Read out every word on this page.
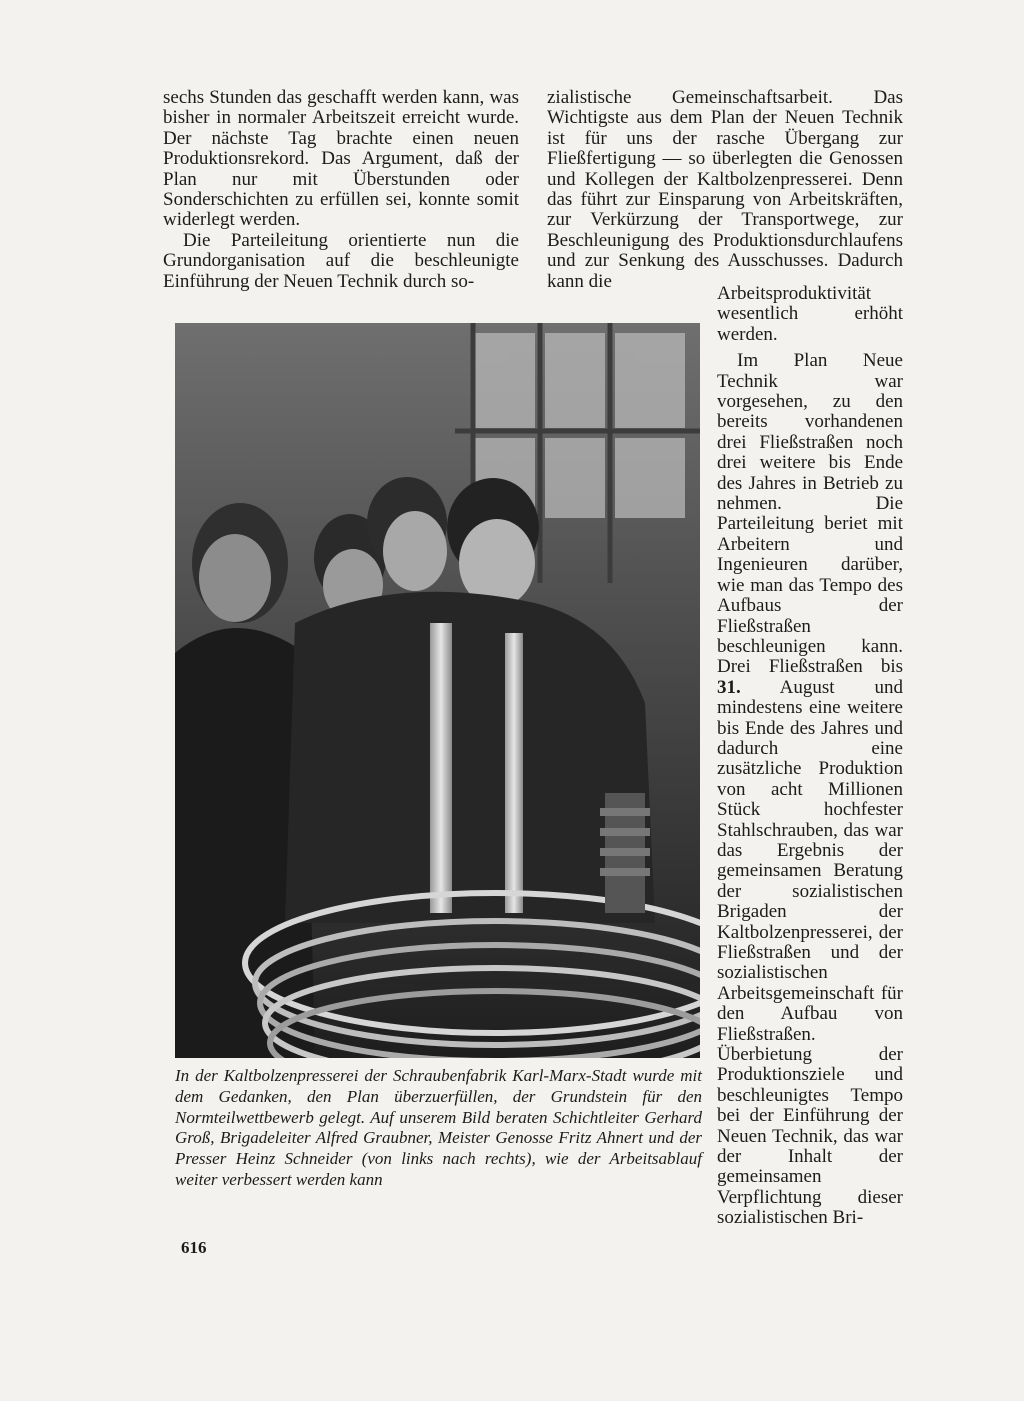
sechs Stunden das geschafft werden kann, was bisher in normaler Arbeitszeit erreicht wurde. Der nächste Tag brachte einen neuen Produktionsrekord. Das Argument, daß der Plan nur mit Überstunden oder Sonderschichten zu erfüllen sei, konnte somit widerlegt werden.

Die Parteileitung orientierte nun die Grundorganisation auf die beschleunigte Einführung der Neuen Technik durch so-

zialistische Gemeinschaftsarbeit. Das Wichtigste aus dem Plan der Neuen Technik ist für uns der rasche Übergang zur Fließfertigung — so überlegten die Genossen und Kollegen der Kaltbolzenpresserei. Denn das führt zur Einsparung von Arbeitskräften, zur Verkürzung der Transportwege, zur Beschleunigung des Produktionsdurchlaufens und zur Senkung des Ausschusses. Dadurch kann die

Arbeitsproduktivität wesentlich erhöht werden.

Im Plan Neue Technik war vorgesehen, zu den bereits vorhandenen drei Fließstraßen noch drei weitere bis Ende des Jahres in Betrieb zu nehmen. Die Parteileitung beriet mit Arbeitern und Ingenieuren darüber, wie man das Tempo des Aufbaus der Fließstraßen beschleunigen kann. Drei Fließstraßen bis 31. August und mindestens eine weitere bis Ende des Jahres und dadurch eine zusätzliche Produktion von acht Millionen Stück hochfester Stahlschrauben, das war das Ergebnis der gemeinsamen Beratung der sozialistischen Brigaden der Kaltbolzenpresserei, der Fließstraßen und der sozialistischen Arbeitsgemeinschaft für den Aufbau von Fließstraßen. Überbietung der Produktionsziele und beschleunigtes Tempo bei der Einführung der Neuen Technik, das war der Inhalt der gemeinsamen Verpflichtung dieser sozialistischen Bri-

In der Kaltbolzenpresserei der Schraubenfabrik Karl-Marx-Stadt wurde mit dem Gedanken, den Plan überzuerfüllen, der Grundstein für den Normteilwettbewerb gelegt. Auf unserem Bild beraten Schichtleiter Gerhard Groß, Brigadeleiter Alfred Graubner, Meister Genosse Fritz Ahnert und der Presser Heinz Schneider (von links nach rechts), wie der Arbeitsablauf weiter verbessert werden kann
616
